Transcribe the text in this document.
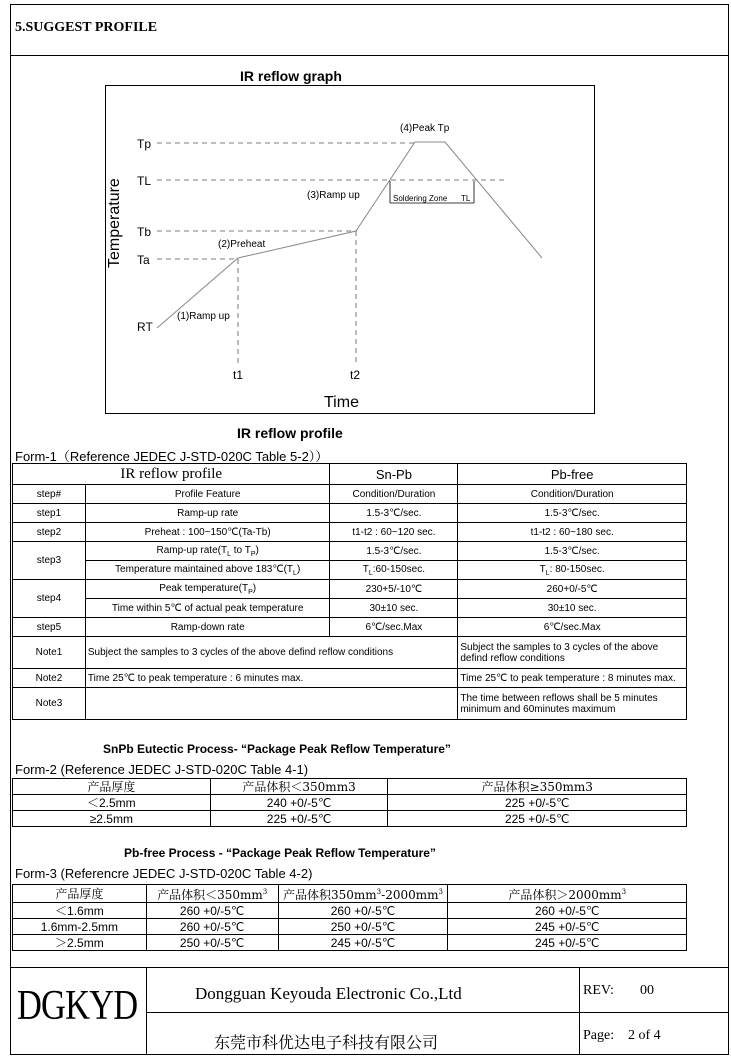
5.SUGGEST PROFILE
IR reflow graph
Tp
TL
Tb
Ta
RT
t1	t2
(1)Ramp up
(2)Preheat
(3)Ramp up
(4)Peak Tp
Soldering Zone TL
Temperature
Time
IR reflow profile
Form-1（Reference JEDEC J-STD-020C Table 5-2））
IR reflow profile		Sn-Pb	Pb-free
step#	Profile Feature	Condition/Duration	Condition/Duration
step1	Ramp-up rate	1.5-3℃/sec.	1.5-3℃/sec.
step2	Preheat : 100~150℃(Ta-Tb)	t1-t2 : 60~120 sec.	t1-t2 : 60~180 sec.
step3	Ramp-up $rate(T_L$ to $T_P$)	1.5-3℃/sec.	1.5-3℃/sec.
	Temperature maintained above $183℃(T_L)$	$T_L:60-150\sec$.	$T_L$: 80-150sec.
step4	Peak $temperature(T_P)$	230+5/-10℃	260+0/-5℃
	Time within 5℃ of actual peak temperature	30±10 sec.	30±10 sec.
step5	Ramp-down rate	6℃/sec.Max	6℃/sec.Max
Note1	Subject the samples to 3 cycles of the above defind reflow conditions		Subject the samples to 3 cycles of the above defind reflow conditions
Note2	Time 25℃ to peak temperature : 6 minutes max.		Time 25℃ to peak temperature : 8 minutes max.
Note3			The time between reflows shall be 5 minutes minimum and 60minutes maximum
SnPb Eutectic Process- “Package Peak Reflow Temperature”
Form-2 (Reference JEDEC J-STD-020C Table 4-1)
产品厚度	产品体积＜350mm3	产品体积≥350mm3
＜2.5mm	240 +0/-5℃	225 +0/-5℃
≥2.5mm	225 +0/-5℃	225 +0/-5℃
Pb-free Process - “Package Peak Reflow Temperature”
Form-3 (Referencre JEDEC J-STD-020C Table 4-2)
产品厚度	产品体积$<350mm^3$	产品体积$350mm^3-2000mm^3$	产品体积$>2000mm^3$
＜1.6mm	260 +0/-5℃	260 +0/-5℃	260 +0/-5℃
1.6mm-2.5mm	260 +0/-5℃	250 +0/-5℃	245 +0/-5℃
＞2.5mm	250 +0/-5℃	245 +0/-5℃	245 +0/-5℃
DGKYD	Dongguan Keyouda Electronic Co.,Ltd
东莞市科优达电子科技有限公司
REV: 00
Page: 2 of 4
